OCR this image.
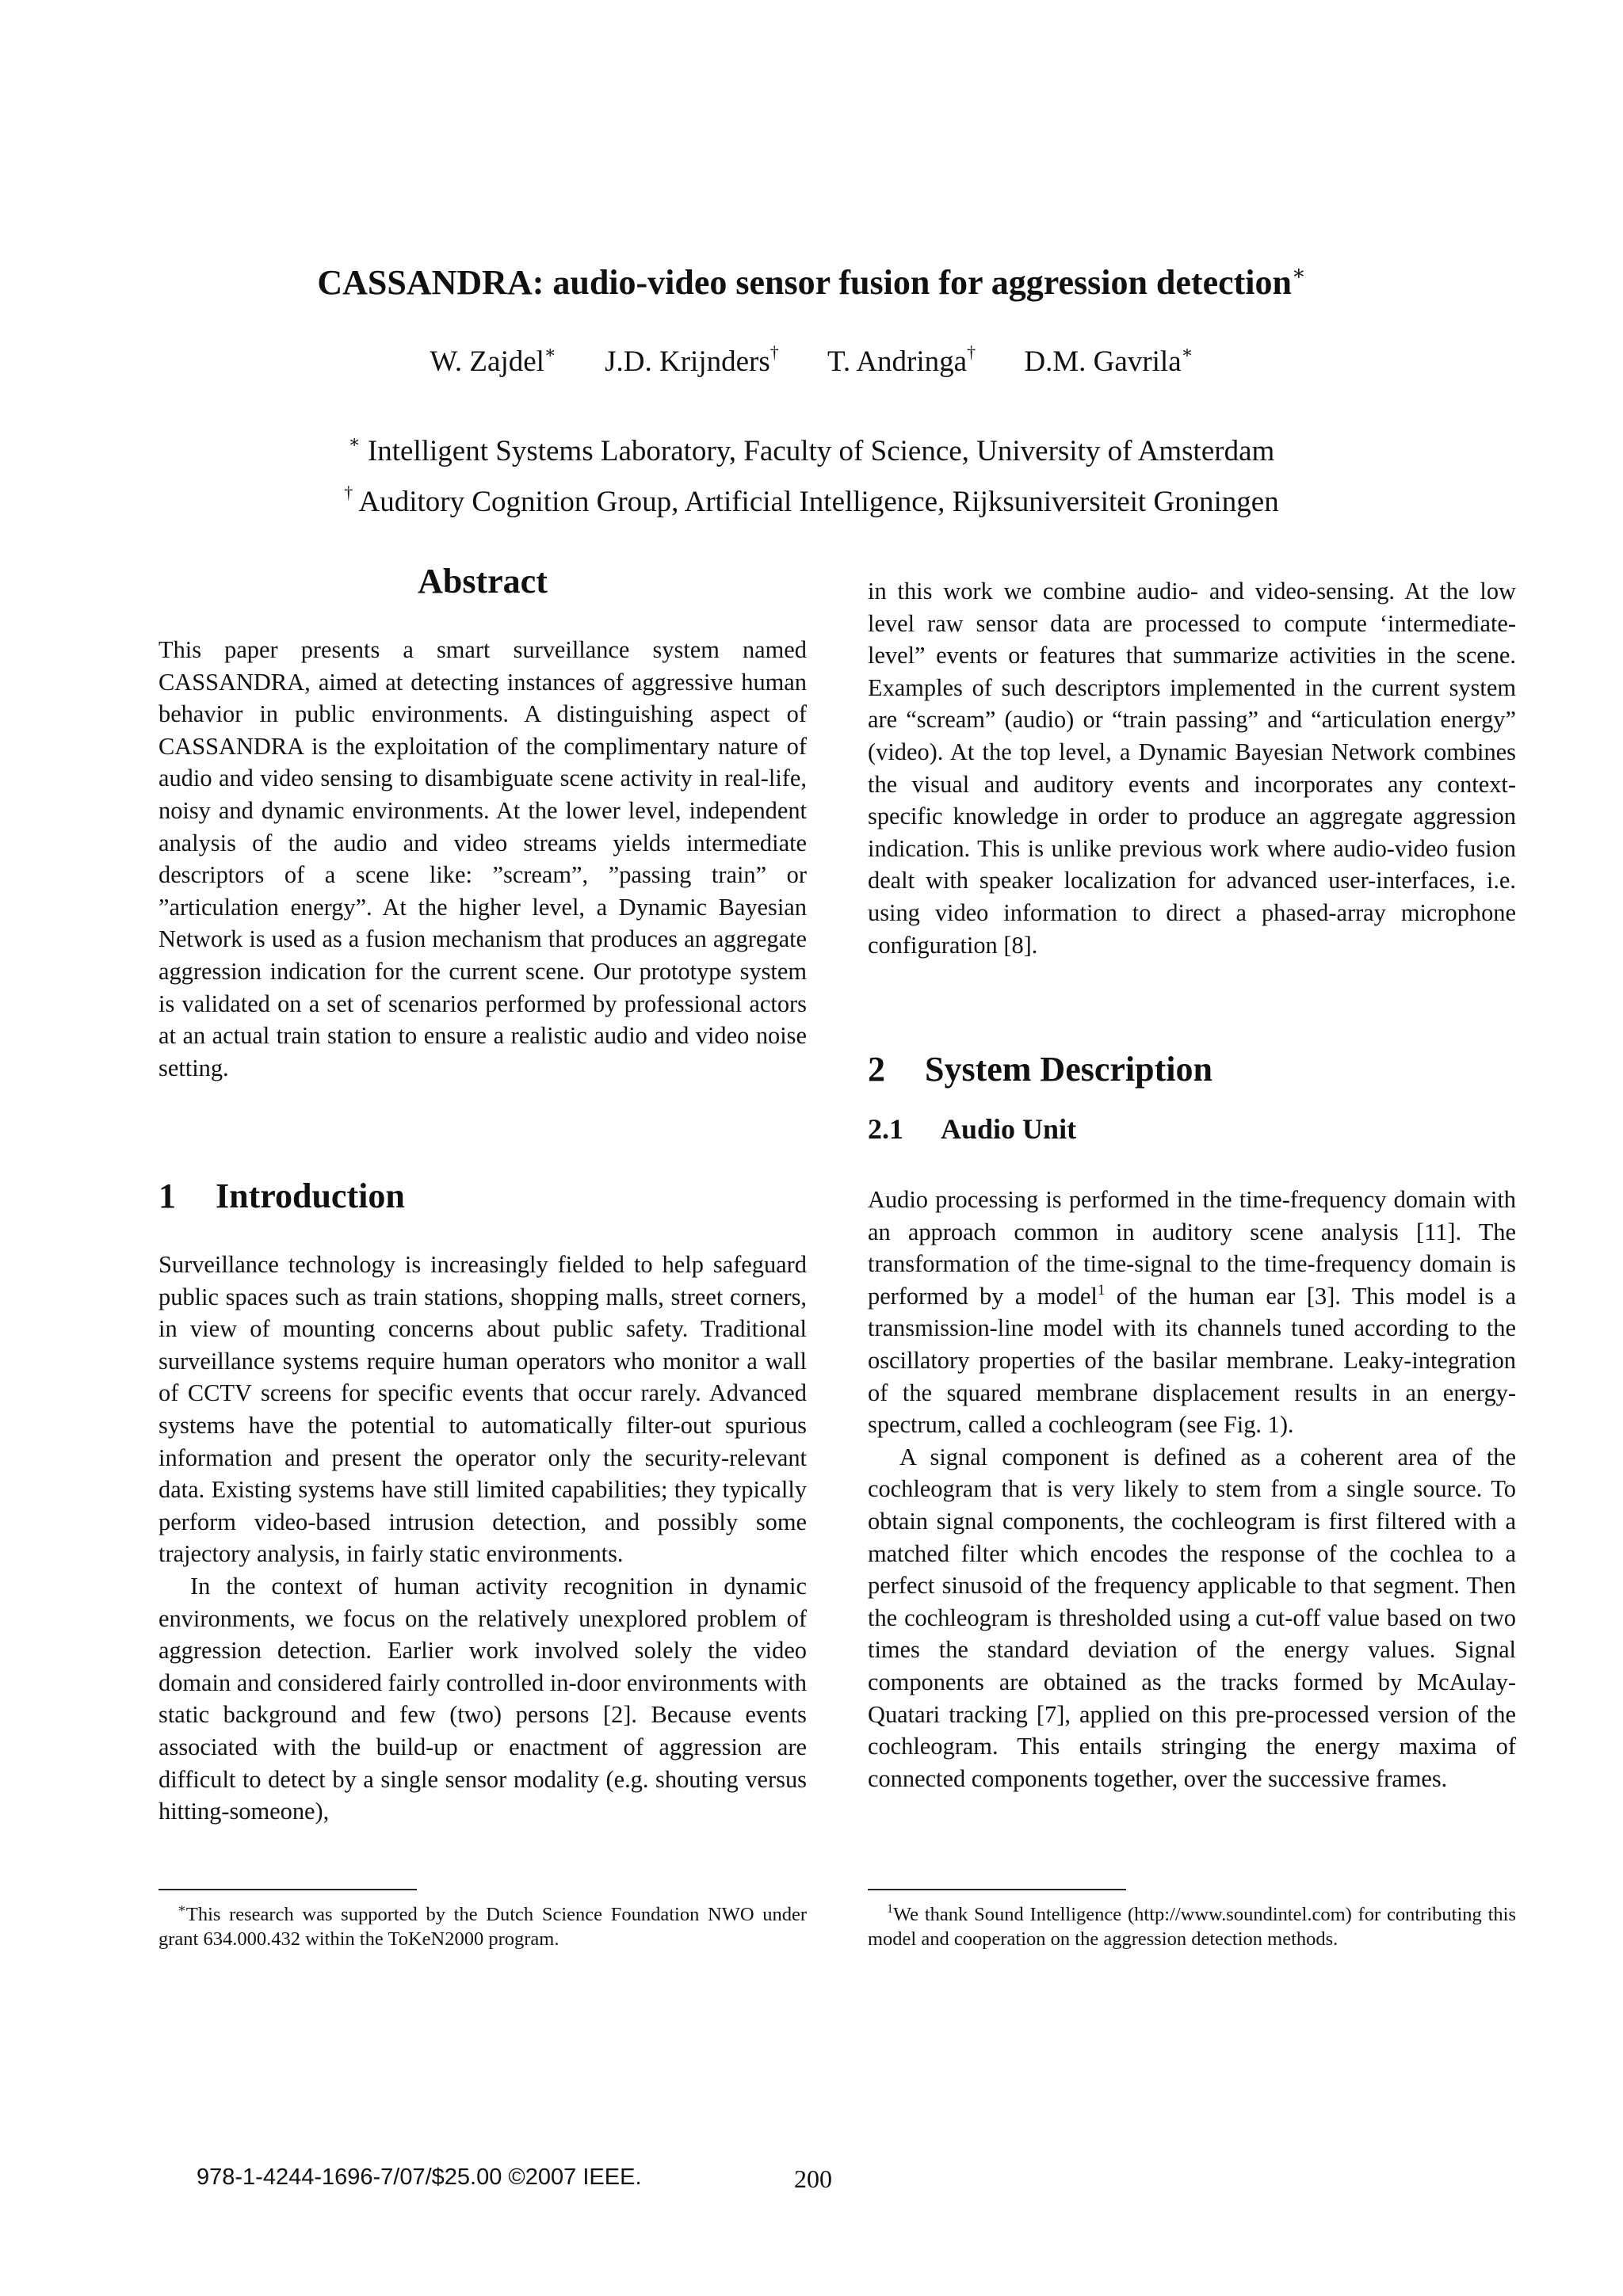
CASSANDRA: audio-video sensor fusion for aggression detection∗
W. Zajdel∗ J.D. Krijnders† T. Andringa† D.M. Gavrila∗
∗ Intelligent Systems Laboratory, Faculty of Science, University of Amsterdam
† Auditory Cognition Group, Artificial Intelligence, Rijksuniversiteit Groningen
Abstract

This paper presents a smart surveillance system named CASSANDRA, aimed at detecting instances of aggressive human behavior in public environments. A distinguishing aspect of CASSANDRA is the exploitation of the complimentary nature of audio and video sensing to disambiguate scene activity in real-life, noisy and dynamic environments. At the lower level, independent analysis of the audio and video streams yields intermediate descriptors of a scene like: ”scream”, ”passing train” or ”articulation energy”. At the higher level, a Dynamic Bayesian Network is used as a fusion mechanism that produces an aggregate aggression indication for the current scene. Our prototype system is validated on a set of scenarios performed by professional actors at an actual train station to ensure a realistic audio and video noise setting.

1 Introduction

Surveillance technology is increasingly fielded to help safeguard public spaces such as train stations, shopping malls, street corners, in view of mounting concerns about public safety. Traditional surveillance systems require human operators who monitor a wall of CCTV screens for specific events that occur rarely. Advanced systems have the potential to automatically filter-out spurious information and present the operator only the security-relevant data. Existing systems have still limited capabilities; they typically perform video-based intrusion detection, and possibly some trajectory analysis, in fairly static environments.

In the context of human activity recognition in dynamic environments, we focus on the relatively unexplored problem of aggression detection. Earlier work involved solely the video domain and considered fairly controlled in-door environments with static background and few (two) persons [2]. Because events associated with the build-up or enactment of aggression are difficult to detect by a single sensor modality (e.g. shouting versus hitting-someone),

∗This research was supported by the Dutch Science Foundation NWO under grant 634.000.432 within the ToKeN2000 program.

in this work we combine audio- and video-sensing. At the low level raw sensor data are processed to compute ‘intermediate-level” events or features that summarize activities in the scene. Examples of such descriptors implemented in the current system are “scream” (audio) or “train passing” and “articulation energy” (video). At the top level, a Dynamic Bayesian Network combines the visual and auditory events and incorporates any context-specific knowledge in order to produce an aggregate aggression indication. This is unlike previous work where audio-video fusion dealt with speaker localization for advanced user-interfaces, i.e. using video information to direct a phased-array microphone configuration [8].

2 System Description
2.1 Audio Unit

Audio processing is performed in the time-frequency domain with an approach common in auditory scene analysis [11]. The transformation of the time-signal to the time-frequency domain is performed by a model$^1$ of the human ear [3]. This model is a transmission-line model with its channels tuned according to the oscillatory properties of the basilar membrane. Leaky-integration of the squared membrane displacement results in an energy-spectrum, called a cochleogram (see Fig. 1).

A signal component is defined as a coherent area of the cochleogram that is very likely to stem from a single source. To obtain signal components, the cochleogram is first filtered with a matched filter which encodes the response of the cochlea to a perfect sinusoid of the frequency applicable to that segment. Then the cochleogram is thresholded using a cut-off value based on two times the standard deviation of the energy values. Signal components are obtained as the tracks formed by McAulay-Quatari tracking [7], applied on this pre-processed version of the cochleogram. This entails stringing the energy maxima of connected components together, over the successive frames.

$^1$We thank Sound Intelligence (http://www.soundintel.com) for contributing this model and cooperation on the aggression detection methods.
978-1-4244-1696-7/07/$25.00 ©2007 IEEE.	200
